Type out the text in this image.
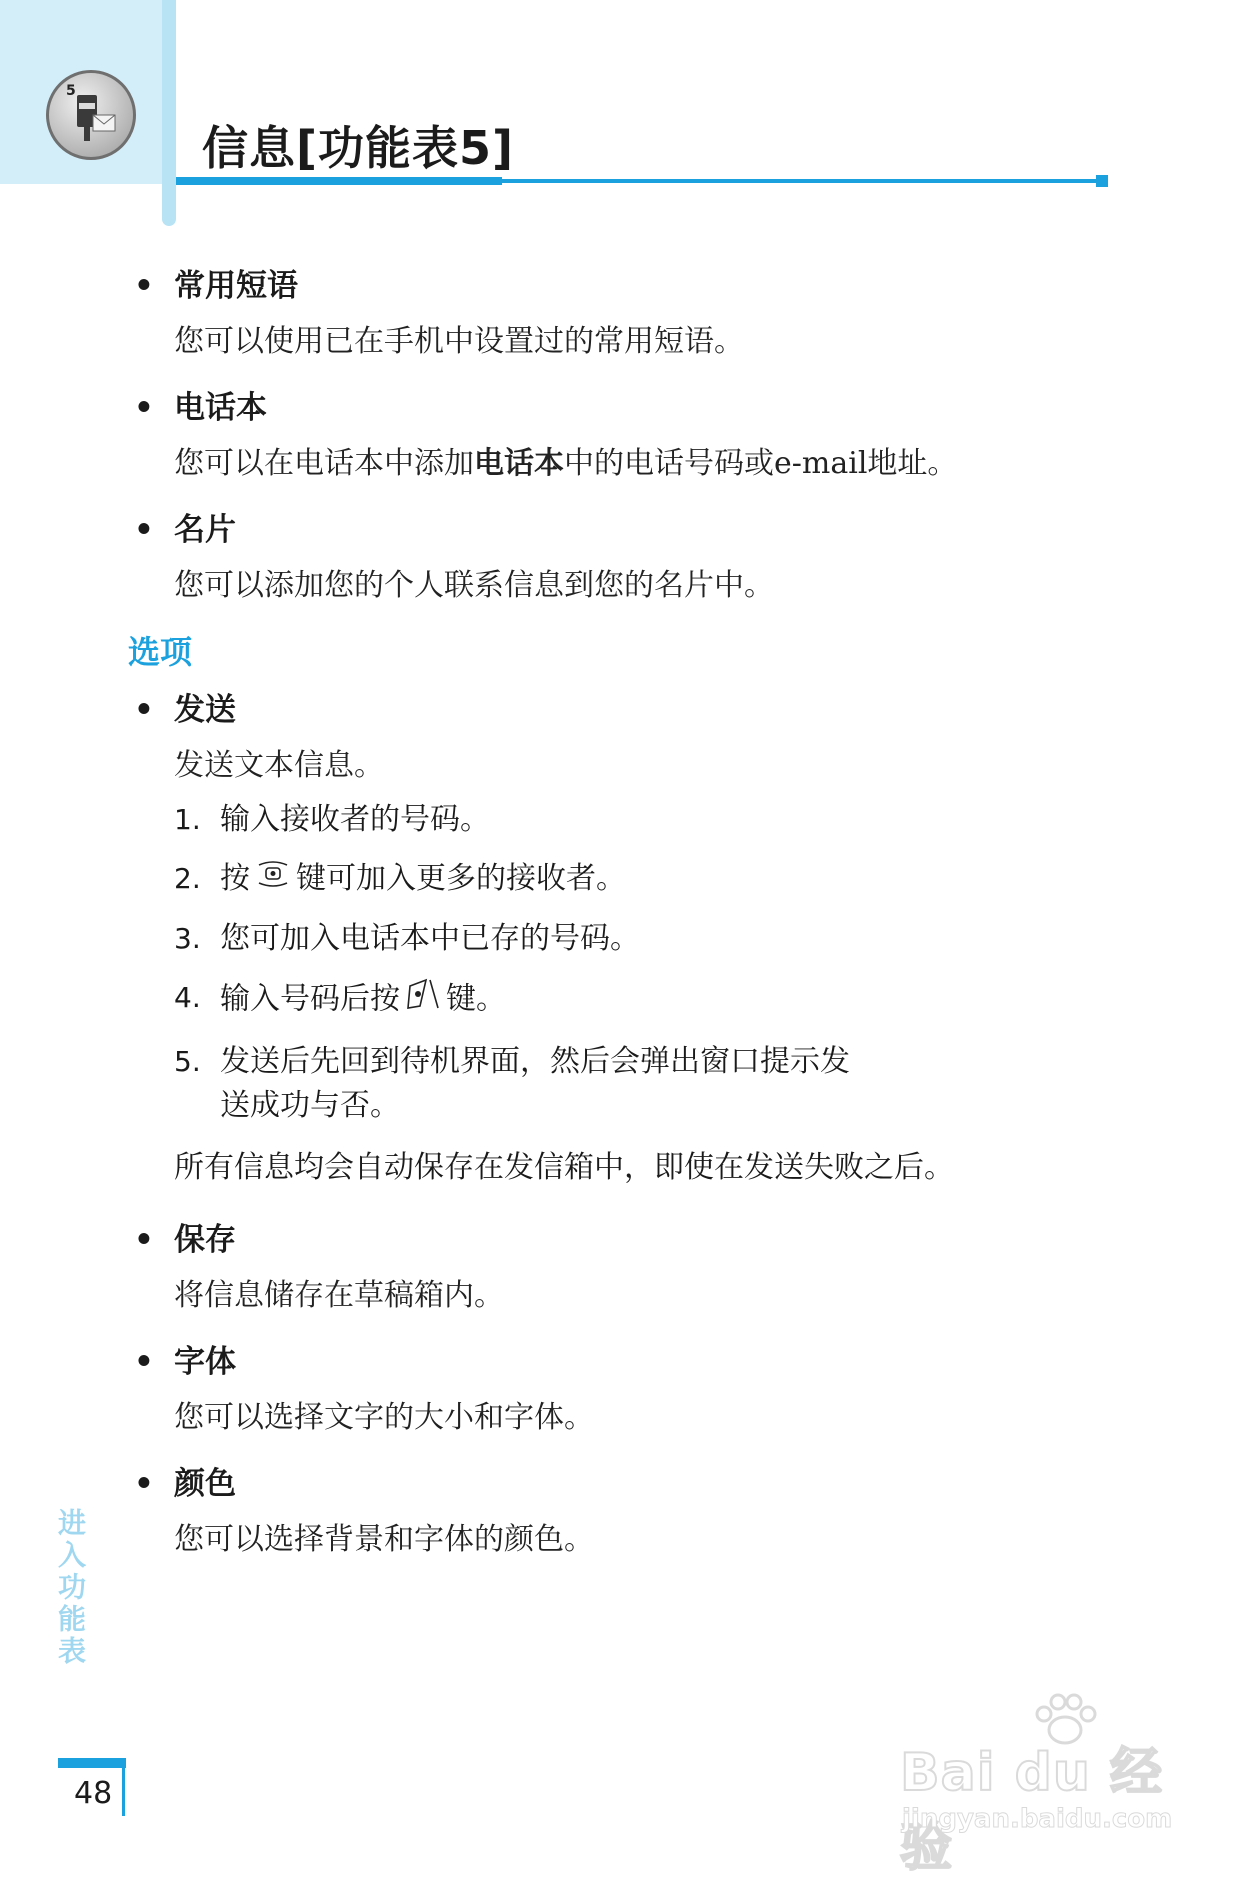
5
信息[功能表5]
• 常用短语

您可以使用已在手机中设置过的常用短语。

• 电话本

您可以在电话本中添加电话本中的电话号码或e-mail地址。

• 名片

您可以添加您的个人联系信息到您的名片中。

选项
• 发送

发送文本信息。

1. 输入接收者的号码。
2. 按 键可加入更多的接收者。
3. 您可加入电话本中已存的号码。
4. 输入号码后按 键。
5. 发送后先回到待机界面，然后会弹出窗口提示发送成功与否。

所有信息均会自动保存在发信箱中，即使在发送失败之后。

• 保存

将信息储存在草稿箱内。

• 字体

您可以选择文字的大小和字体。

• 颜色

您可以选择背景和字体的颜色。

进入功能表
48	Bai du 经验
jingyan.baidu.com
